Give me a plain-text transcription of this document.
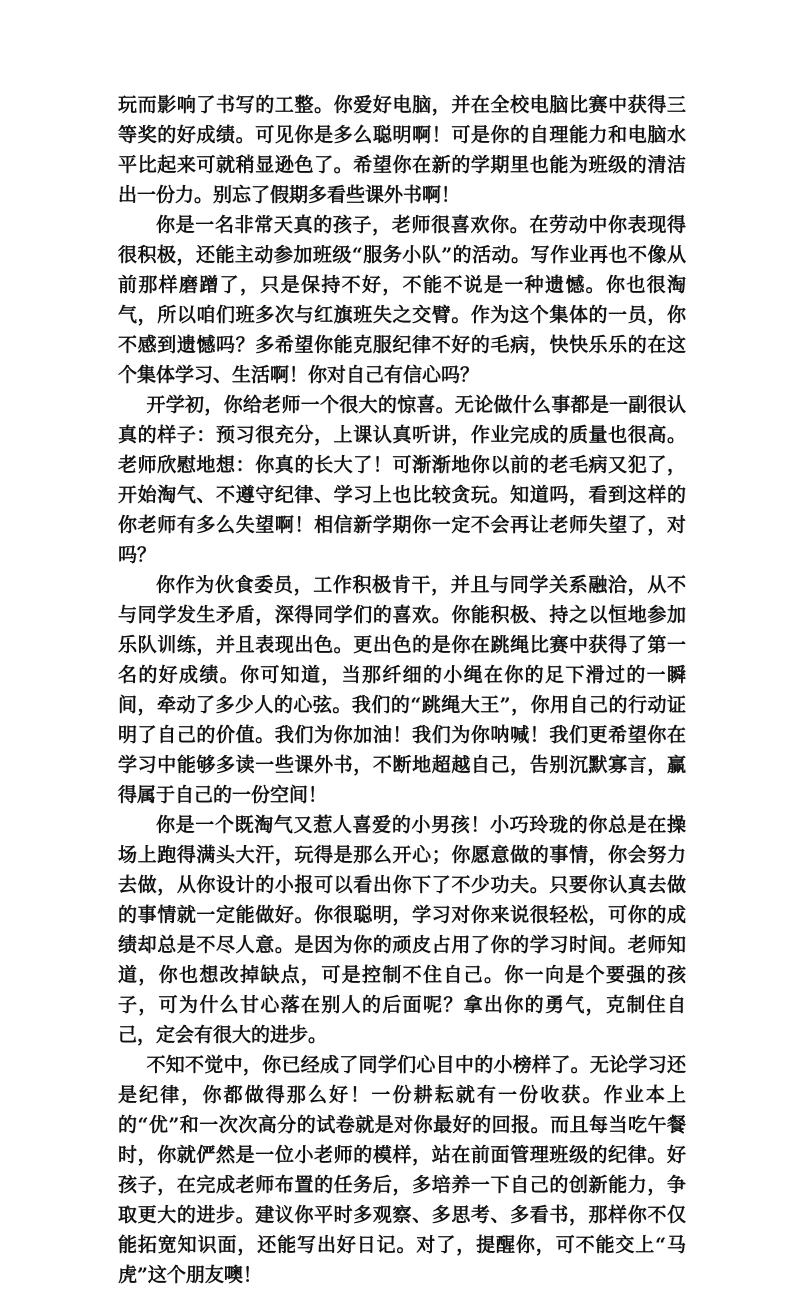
玩而影响了书写的工整。你爱好电脑，并在全校电脑比赛中获得三等奖的好成绩。可见你是多么聪明啊！可是你的自理能力和电脑水平比起来可就稍显逊色了。希望你在新的学期里也能为班级的清洁出一份力。别忘了假期多看些课外书啊！

你是一名非常天真的孩子，老师很喜欢你。在劳动中你表现得很积极，还能主动参加班级“服务小队”的活动。写作业再也不像从前那样磨蹭了，只是保持不好，不能不说是一种遗憾。你也很淘气，所以咱们班多次与红旗班失之交臂。作为这个集体的一员，你不感到遗憾吗？多希望你能克服纪律不好的毛病，快快乐乐的在这个集体学习、生活啊！你对自己有信心吗？

开学初，你给老师一个很大的惊喜。无论做什么事都是一副很认真的样子：预习很充分，上课认真听讲，作业完成的质量也很高。老师欣慰地想：你真的长大了！可渐渐地你以前的老毛病又犯了，开始淘气、不遵守纪律、学习上也比较贪玩。知道吗，看到这样的你老师有多么失望啊！相信新学期你一定不会再让老师失望了，对吗？

你作为伙食委员，工作积极肯干，并且与同学关系融洽，从不与同学发生矛盾，深得同学们的喜欢。你能积极、持之以恒地参加乐队训练，并且表现出色。更出色的是你在跳绳比赛中获得了第一名的好成绩。你可知道，当那纤细的小绳在你的足下滑过的一瞬间，牵动了多少人的心弦。我们的“跳绳大王”，你用自己的行动证明了自己的价值。我们为你加油！我们为你呐喊！我们更希望你在学习中能够多读一些课外书，不断地超越自己，告别沉默寡言，赢得属于自己的一份空间！

你是一个既淘气又惹人喜爱的小男孩！小巧玲珑的你总是在操场上跑得满头大汗，玩得是那么开心；你愿意做的事情，你会努力去做，从你设计的小报可以看出你下了不少功夫。只要你认真去做的事情就一定能做好。你很聪明，学习对你来说很轻松，可你的成绩却总是不尽人意。是因为你的顽皮占用了你的学习时间。老师知道，你也想改掉缺点，可是控制不住自己。你一向是个要强的孩子，可为什么甘心落在别人的后面呢？拿出你的勇气，克制住自己，定会有很大的进步。

不知不觉中，你已经成了同学们心目中的小榜样了。无论学习还是纪律，你都做得那么好！一份耕耘就有一份收获。作业本上的“优”和一次次高分的试卷就是对你最好的回报。而且每当吃午餐时，你就俨然是一位小老师的模样，站在前面管理班级的纪律。好孩子，在完成老师布置的任务后，多培养一下自己的创新能力，争取更大的进步。建议你平时多观察、多思考、多看书，那样你不仅能拓宽知识面，还能写出好日记。对了，提醒你，可不能交上“马虎”这个朋友噢！
